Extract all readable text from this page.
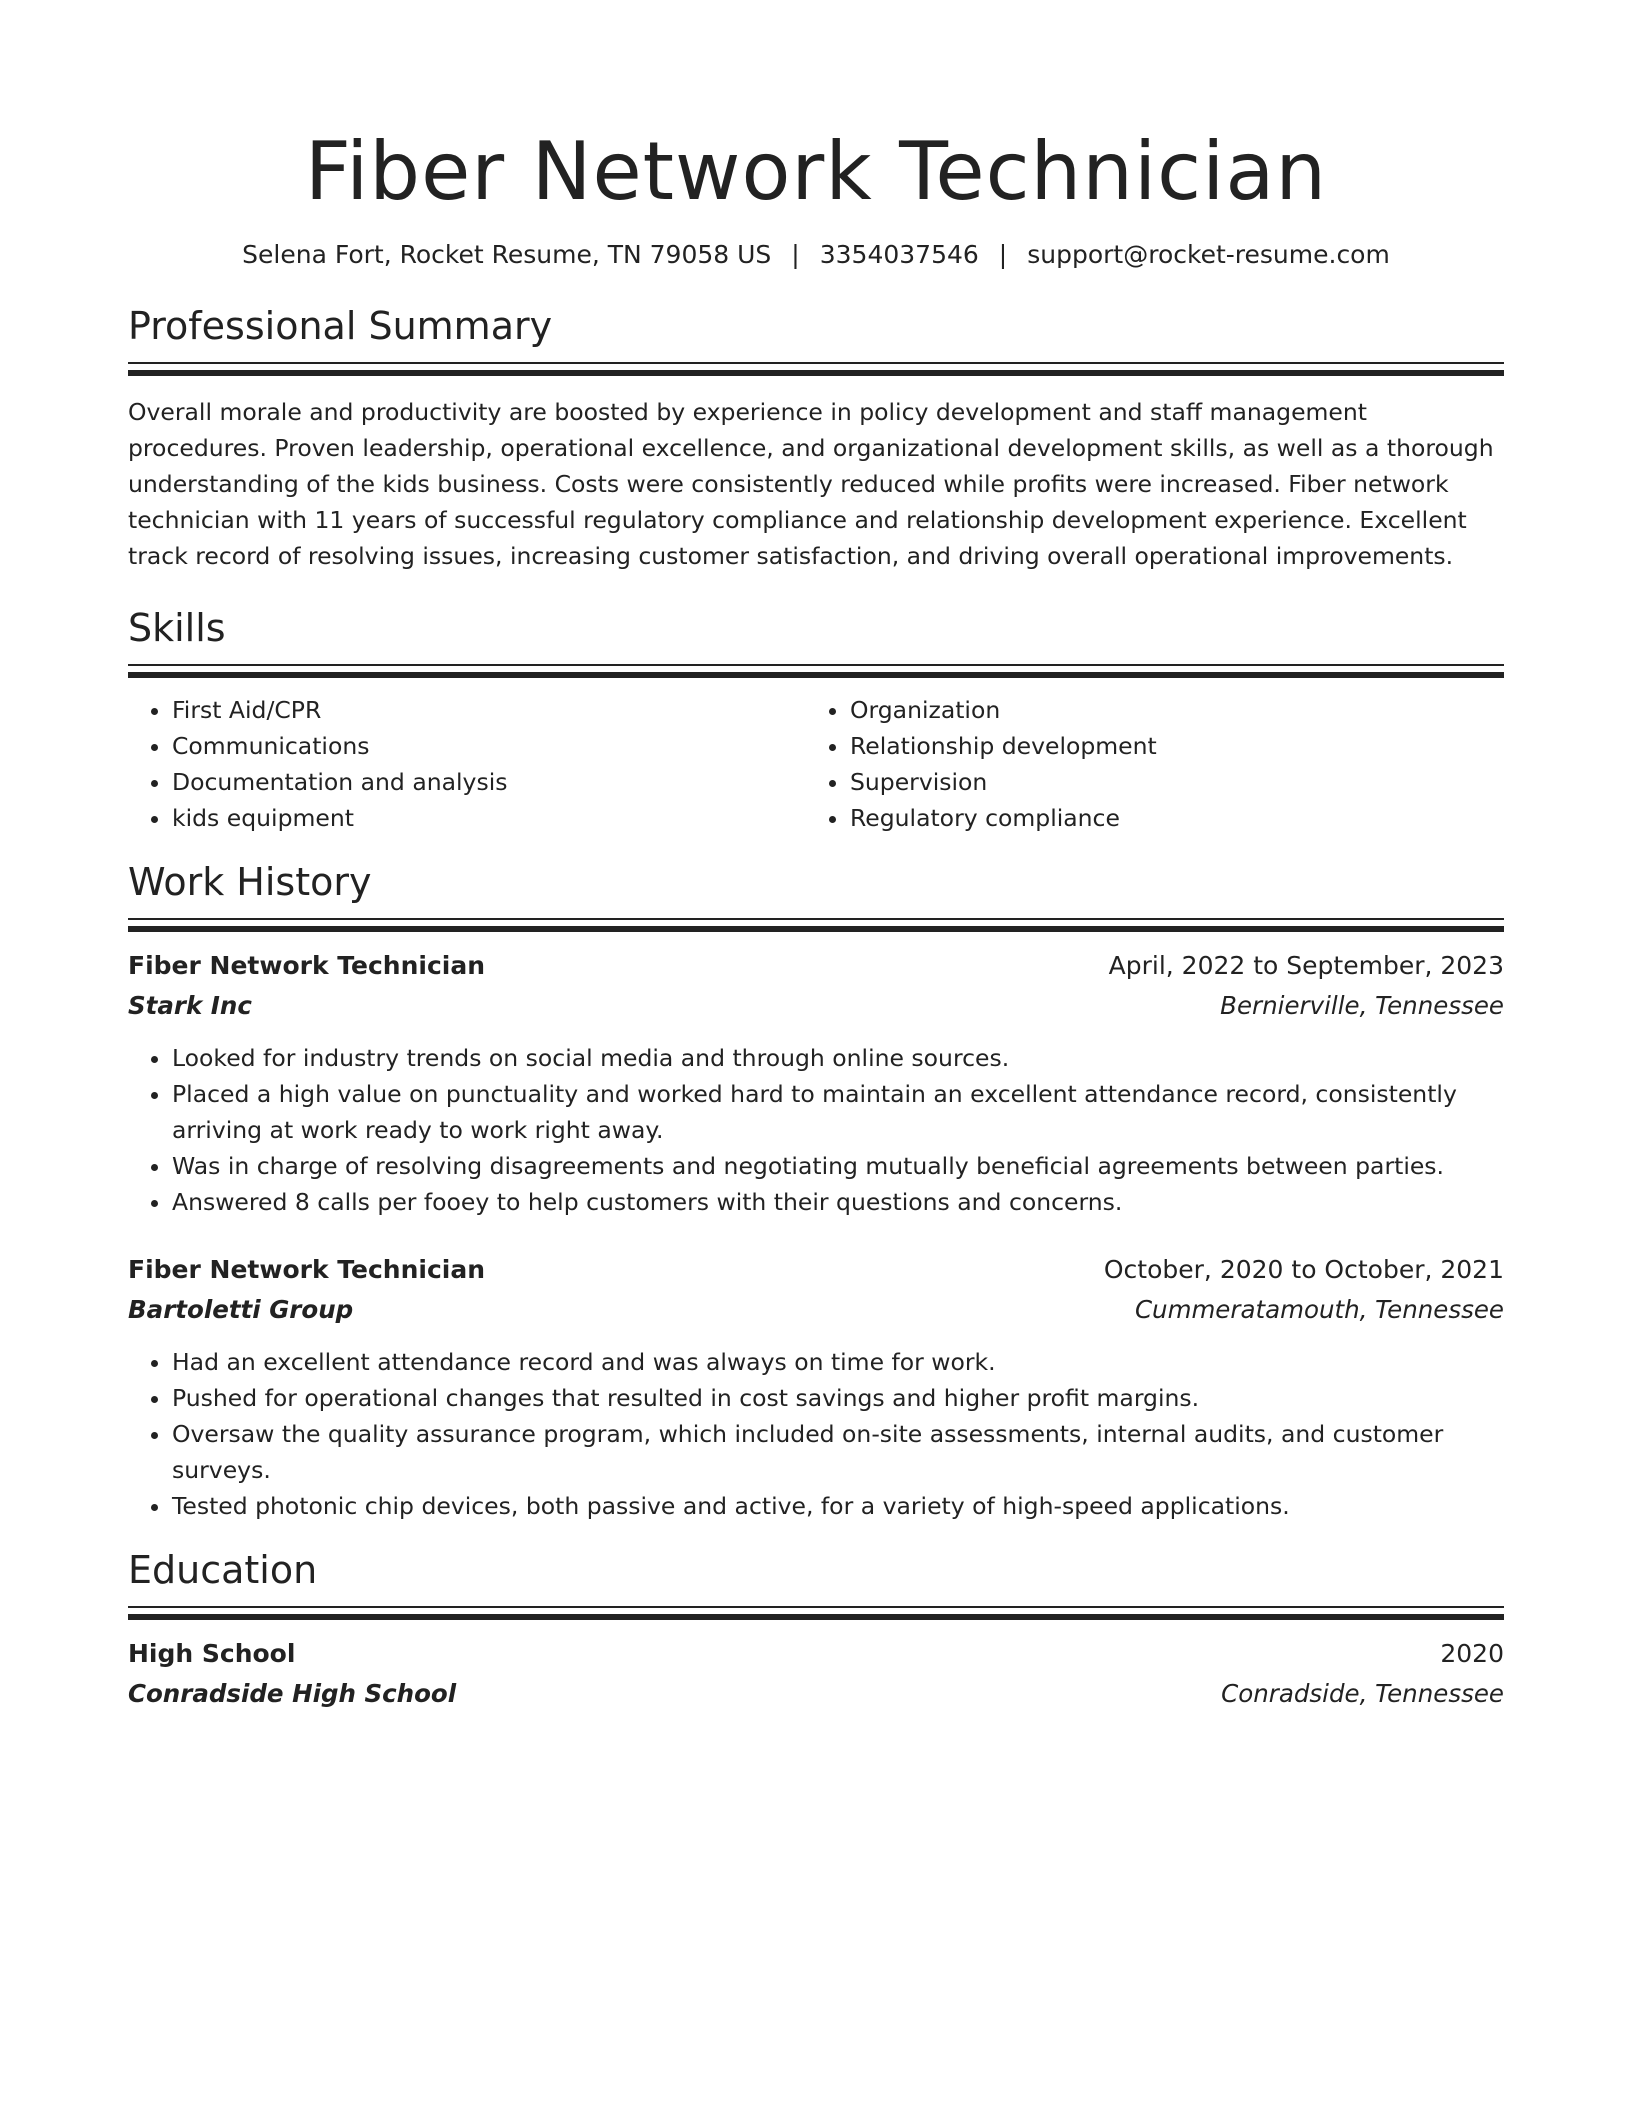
Fiber Network Technician
Selena Fort, Rocket Resume, TN 79058 US | 3354037546 | support@rocket-resume.com
Professional Summary
Overall morale and productivity are boosted by experience in policy development and staff management procedures. Proven leadership, operational excellence, and organizational development skills, as well as a thorough understanding of the kids business. Costs were consistently reduced while profits were increased. Fiber network technician with 11 years of successful regulatory compliance and relationship development experience. Excellent track record of resolving issues, increasing customer satisfaction, and driving overall operational improvements.
Skills
• First Aid/CPR
• Communications
• Documentation and analysis
• kids equipment
• Organization
• Relationship development
• Supervision
• Regulatory compliance
Work History
Fiber Network Technician	April, 2022 to September, 2023
Stark Inc	Bernierville, Tennessee
• Looked for industry trends on social media and through online sources.
• Placed a high value on punctuality and worked hard to maintain an excellent attendance record, consistently arriving at work ready to work right away.
• Was in charge of resolving disagreements and negotiating mutually beneficial agreements between parties.
• Answered 8 calls per fooey to help customers with their questions and concerns.
Fiber Network Technician	October, 2020 to October, 2021
Bartoletti Group	Cummeratamouth, Tennessee
• Had an excellent attendance record and was always on time for work.
• Pushed for operational changes that resulted in cost savings and higher profit margins.
• Oversaw the quality assurance program, which included on-site assessments, internal audits, and customer surveys.
• Tested photonic chip devices, both passive and active, for a variety of high-speed applications.
Education
High School	2020
Conradside High School	Conradside, Tennessee
